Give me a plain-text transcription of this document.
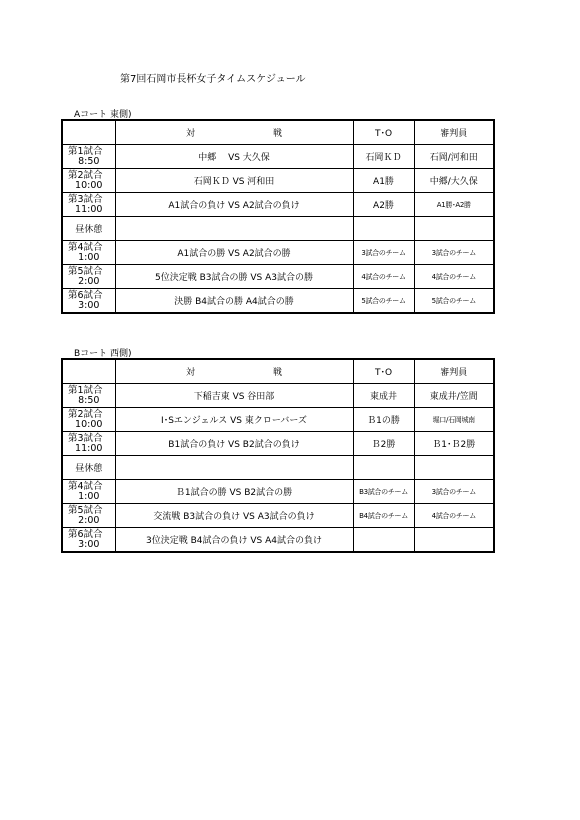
第7回石岡市長杯女子タイムスケジュール
Aコート 東側)
	対 戦	T･O	審判員

第1試合
8:50	中郷　 VS 大久保	石岡ＫＤ	石岡/河和田

第2試合
10:00	石岡ＫＤ VS 河和田	A1勝	中郷/大久保

第3試合
11:00	A1試合の負け VS A2試合の負け	A2勝	A1勝･A2勝
昼休憩			

第4試合
1:00	A1試合の勝 VS A2試合の勝	3試合のチーム	3試合のチーム

第5試合
2:00	5位決定戦 B3試合の勝 VS A3試合の勝	4試合のチーム	4試合のチーム

第6試合
3:00	決勝 B4試合の勝 A4試合の勝	5試合のチーム	5試合のチーム
Bコート 西側)
	対 戦	T･O	審判員

第1試合
8:50	下稲吉東 VS 谷田部	東成井	東成井/笠間

第2試合
10:00	I･Sエンジェルス VS 東クローバーズ	Ｂ1の勝	堀口/石岡城南

第3試合
11:00	B1試合の負け VS B2試合の負け	Ｂ2勝	Ｂ1･Ｂ2勝
昼休憩			

第4試合
1:00	Ｂ1試合の勝 VS B2試合の勝	B3試合のチーム	3試合のチーム

第5試合
2:00	交流戦 B3試合の負け VS A3試合の負け	B4試合のチーム	4試合のチーム

第6試合
3:00	3位決定戦 B4試合の負け VS A4試合の負け		
